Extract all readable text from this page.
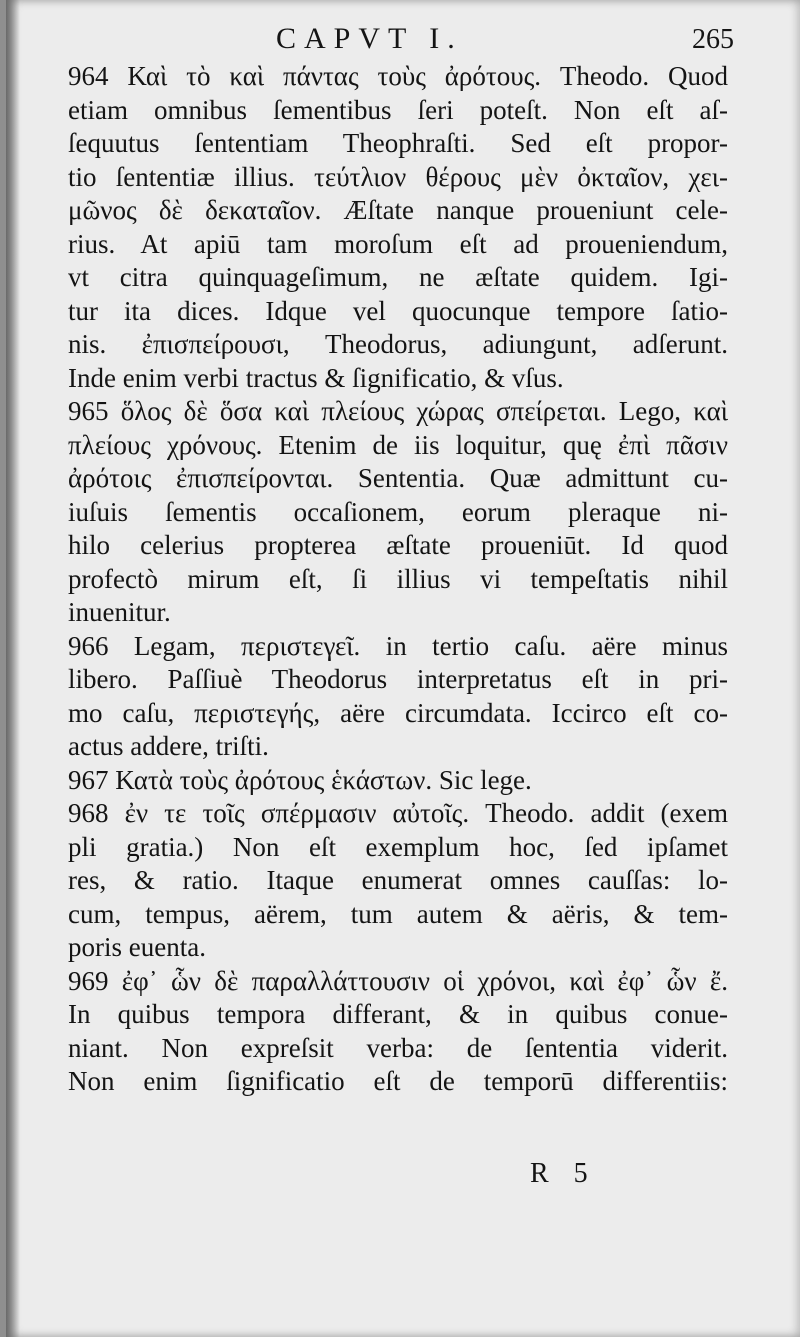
CAPVT I.	265
964 Καὶ τὸ καὶ πάντας τοὺς ἀρότους. Theodo. Quod
etiam omnibus ſementibus ſeri poteſt. Non eſt aſ-
ſequutus ſententiam Theophraſti. Sed eſt propor-
tio ſententiæ illius. τεύτλιον θέρους μὲν ὀκταῖον, χει-
μῶνος δὲ δεκαταῖον. Æſtate nanque proueniunt cele-
rius. At apiū tam moroſum eſt ad proueniendum,
vt citra quinquageſimum, ne æſtate quidem. Igi-
tur ita dices. Idque vel quocunque tempore ſatio-
nis. ἐπισπείρουσι, Theodorus, adiungunt, adſerunt.
Inde enim verbi tractus & ſignificatio, & vſus.
965 ὅλος δὲ ὅσα καὶ πλείους χώρας σπείρεται. Lego, καὶ
πλείους χρόνους. Etenim de iis loquitur, quę ἐπὶ πᾶσιν
ἀρότοις ἐπισπείρονται. Sententia. Quæ admittunt cu-
iuſuis ſementis occaſionem, eorum pleraque ni-
hilo celerius propterea æſtate proueniūt. Id quod
profectò mirum eſt, ſi illius vi tempeſtatis nihil
inuenitur.
966 Legam, περιστεγεῖ. in tertio caſu. aëre minus
libero. Paſſiuè Theodorus interpretatus eſt in pri-
mo caſu, περιστεγής, aëre circumdata. Iccirco eſt co-
actus addere, triſti.
967 Κατὰ τοὺς ἀρότους ἑκάστων. Sic lege.
968 ἐν τε τοῖς σπέρμασιν αὐτοῖς. Theodo. addit (exem
pli gratia.) Non eſt exemplum hoc, ſed ipſamet
res, & ratio. Itaque enumerat omnes cauſſas: lo-
cum, tempus, aërem, tum autem & aëris, & tem-
poris euenta.
969 ἐφ᾽ ὧν δὲ παραλλάττουσιν οἱ χρόνοι, καὶ ἐφ᾽ ὧν ἔ.
In quibus tempora differant, & in quibus conue-
niant. Non expreſsit verba: de ſententia viderit.
Non enim ſignificatio eſt de temporū differentiis:
R 5
